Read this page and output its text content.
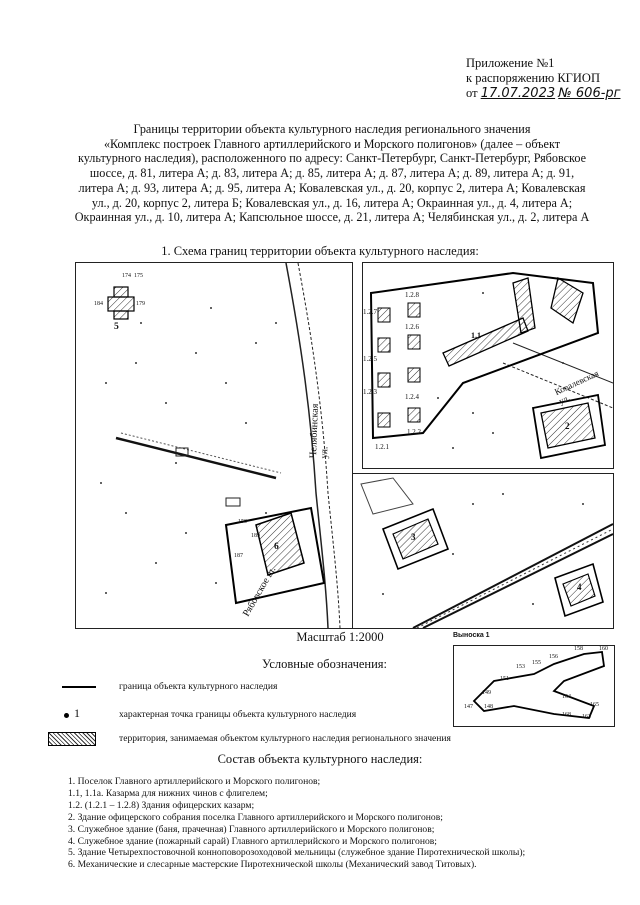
Приложение №1
к распоряжению КГИОП
от 17.07.2023 № 606-рг
Границы территории объекта культурного наследия регионального значения
«Комплекс построек Главного артиллерийского и Морского полигонов» (далее – объект
культурного наследия), расположенного по адресу: Санкт-Петербург, Санкт-Петербург, Рябовское
шоссе, д. 81, литера А; д. 83, литера А; д. 85, литера А; д. 87, литера А; д. 89, литера А; д. 91,
литера А; д. 93, литера А; д. 95, литера А; Ковалевская ул., д. 20, корпус 2, литера А; Ковалевская
ул., д. 20, корпус 2, литера Б; Ковалевская ул., д. 16, литера А; Окраинная ул., д. 4, литера А;
Окраинная ул., д. 10, литера А; Капсюльное шоссе, д. 21, литера А; Челябинская ул., д. 2, литера А
1. Схема границ территории объекта культурного наследия:
5
6
Челябинская ул.
Рябовское ш.
174 175
179
184
150
189
187
1.2.7
1.2.8
1.2.6
1.2.5
1.2.3
1.2.4
1.2.1
1.2.2
1.1
2
Ковалевская ул.
3
4
Масштаб 1:2000	Выноска 1
158	160
155
156
153
151
149
147 148
164
165
168 163
Условные обозначения:
граница объекта культурного наследия
1	характерная точка границы объекта культурного наследия
территория, занимаемая объектом культурного наследия регионального значения
Состав объекта культурного наследия:
1. Поселок Главного артиллерийского и Морского полигонов;
1.1, 1.1а. Казарма для нижних чинов с флигелем;
1.2. (1.2.1 – 1.2.8) Здания офицерских казарм;
2. Здание офицерского собрания поселка Главного артиллерийского и Морского полигонов;
3. Служебное здание (баня, прачечная) Главного артиллерийского и Морского полигонов;
4. Служебное здание (пожарный сарай) Главного артиллерийского и Морского полигонов;
5. Здание Четырехпостовочной конноповорозоходовой мельницы (служебное здание Пиротехнической школы);
6. Механические и слесарные мастерские Пиротехнической школы (Механический завод Титовых).
